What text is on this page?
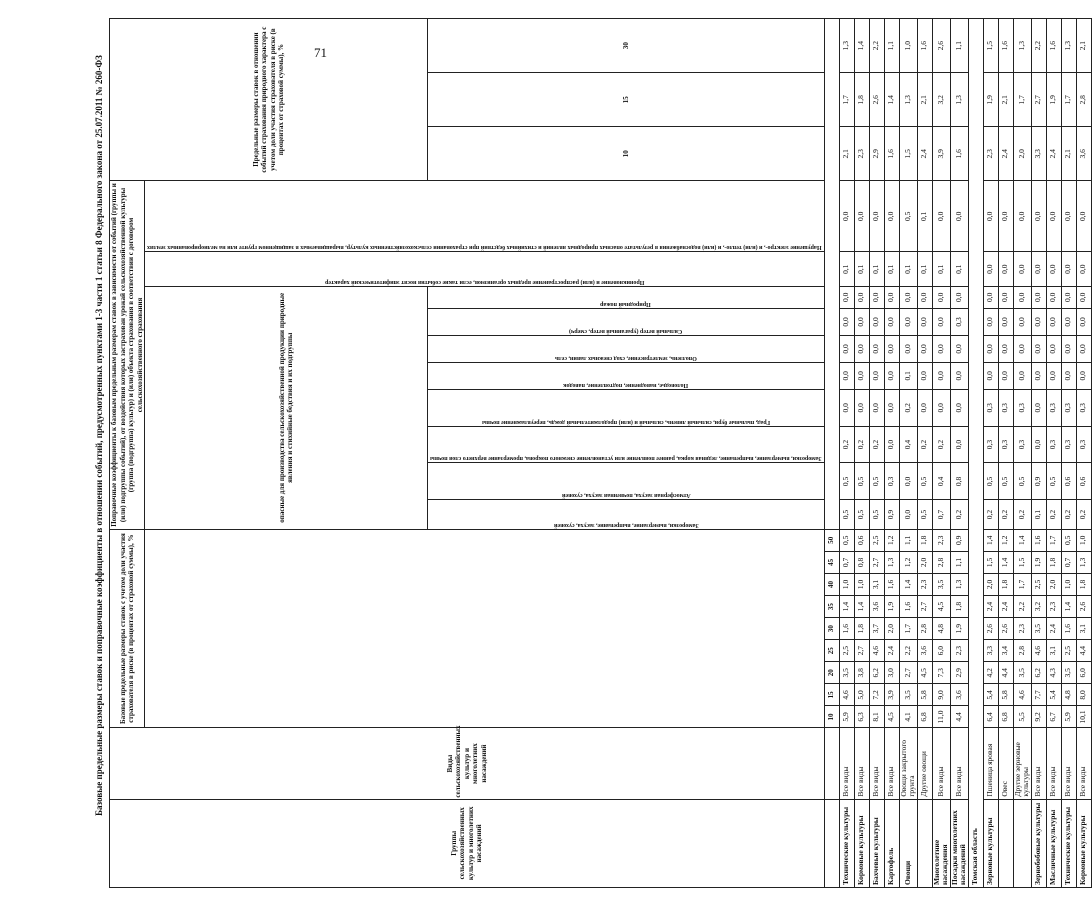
71
Базовые предельные размеры ставок и поправочные коэффициенты в отношении событий, предусмотренных пунктами 1-3 части 1 статьи 8 Федерального закона от 25.07.2011 № 260-ФЗ
Группы сельскохозяйственных культур и многолетних насаждений	Виды сельскохозяйственных культур и многолетних насаждений	Базовые предельные размеры ставок с учетом доли участия страхователя в риске (в процентах от страховой суммы), %									Поправочные коэффициенты к базовым предельным размерам ставок в зависимости от событий (группы и (или) подгруппы событий), от воздействия которых застрахован урожай сельскохозяйственной культуры (группа (подгруппа) культур) и (или) объекта страхования в соответствии с договором сельскохозяйственного страхования										Предельные размеры ставок в отношении событий страхования природного характера с учетом доли участия страхователя в риске (в процентах от страховой суммы), %		
											опасные для производства сельскохозяйственной продукции природные явления и стихийные бедствия и их подгруппы								Проникновение и (или) распространение вредных организмов, если такие события носят эпифитотический характер	Нарушение электро-, и (или) тепло-, и (или) водоснабжения в результате опасных природных явлений и стихийных бедствий при страховании сельскохозяйственных культур, выращиваемых в защищенном грунте или на мелиорированных землях			

											Заморозки, вымерзание, выпревание, засуха, суховей	Атмосферная засуха, почвенная засуха, суховей	Заморозки, вымерзание, выпревание, ледяная корка, раннее появление или установление снежного покрова, промерзание верхнего слоя почвы	Град, пыльные бури, сильный ливень, сильный и (или) продолжительный дождь, переувлажнение почвы	Половодье, наводнение, подтопление, паводок	Оползень, землетрясение, сход снежных лавин, сель	Сильный ветер (ураганный ветер, смерч)	Природный пожар			10	15	30
		10	15	20	25	30	35	40	45	50													
Технические культуры	Все виды	5,9	4,6	3,5	2,5	1,6	1,4	1,0	0,7	0,5	0,5	0,5	0,2	0,0	0,0	0,0	0,0	0,0	0,1	0,0	2,1	1,7	1,3
Кормовые культуры	Все виды	6,3	5,0	3,8	2,7	1,8	1,4	1,0	0,8	0,6	0,5	0,5	0,2	0,0	0,0	0,0	0,0	0,0	0,1	0,0	2,3	1,8	1,4
Бахчевые культуры	Все виды	8,1	7,2	6,2	4,6	3,7	3,6	3,1	2,7	2,5	0,5	0,5	0,2	0,0	0,0	0,0	0,0	0,0	0,1	0,0	2,9	2,6	2,2
Картофель	Все виды	4,5	3,9	3,0	2,4	2,0	1,9	1,6	1,3	1,2	0,9	0,3	0,0	0,0	0,0	0,0	0,0	0,0	0,1	0,0	1,6	1,4	1,1
Овощи	Овощи закрытого грунта	4,1	3,5	2,7	2,2	1,7	1,6	1,4	1,2	1,1	0,0	0,0	0,4	0,2	0,1	0,0	0,0	0,0	0,1	0,5	1,5	1,3	1,0
	Другие овощи	6,8	5,8	4,5	3,6	2,8	2,7	2,3	2,0	1,8	0,5	0,5	0,2	0,0	0,0	0,0	0,0	0,0	0,1	0,1	2,4	2,1	1,6
Многолетние насаждения	Все виды	11,0	9,0	7,3	6,0	4,8	4,5	3,5	2,8	2,3	0,7	0,4	0,2	0,0	0,0	0,0	0,0	0,0	0,1	0,0	3,9	3,2	2,6
Посадки многолетних насаждений	Все виды	4,4	3,6	2,9	2,3	1,9	1,8	1,3	1,1	0,9	0,2	0,8	0,0	0,0	0,0	0,0	0,3	0,0	0,1	0,0	1,6	1,3	1,1
Томская область																							
Зерновые культуры	Пшеница яровая	6,4	5,4	4,2	3,3	2,6	2,4	2,0	1,5	1,4	0,2	0,5	0,3	0,3	0,0	0,0	0,0	0,0	0,0	0,0	2,3	1,9	1,5
	Овес	6,8	5,8	4,4	3,4	2,6	2,4	1,8	1,4	1,2	0,2	0,5	0,3	0,3	0,0	0,0	0,0	0,0	0,0	0,0	2,4	2,1	1,6
	Другие зерновые культуры	5,5	4,6	3,5	2,8	2,3	2,2	1,7	1,5	1,4	0,2	0,5	0,3	0,3	0,0	0,0	0,0	0,0	0,0	0,0	2,0	1,7	1,3
Зернобобовые культуры	Все виды	9,2	7,7	6,2	4,6	3,5	3,2	2,5	1,9	1,6	0,1	0,9	0,0	0,0	0,0	0,0	0,0	0,0	0,0	0,0	3,3	2,7	2,2
Масличные культуры	Все виды	6,7	5,4	4,3	3,1	2,4	2,3	2,0	1,8	1,7	0,2	0,5	0,3	0,3	0,0	0,0	0,0	0,0	0,0	0,0	2,4	1,9	1,6
Технические культуры	Все виды	5,9	4,8	3,5	2,5	1,6	1,4	1,0	0,7	0,5	0,2	0,6	0,3	0,3	0,0	0,0	0,0	0,0	0,0	0,0	2,1	1,7	1,3
Кормовые культуры	Все виды	10,1	8,0	6,0	4,4	3,1	2,6	1,8	1,3	1,0	0,2	0,6	0,3	0,3	0,0	0,0	0,0	0,0	0,0	0,0	3,6	2,8	2,1
